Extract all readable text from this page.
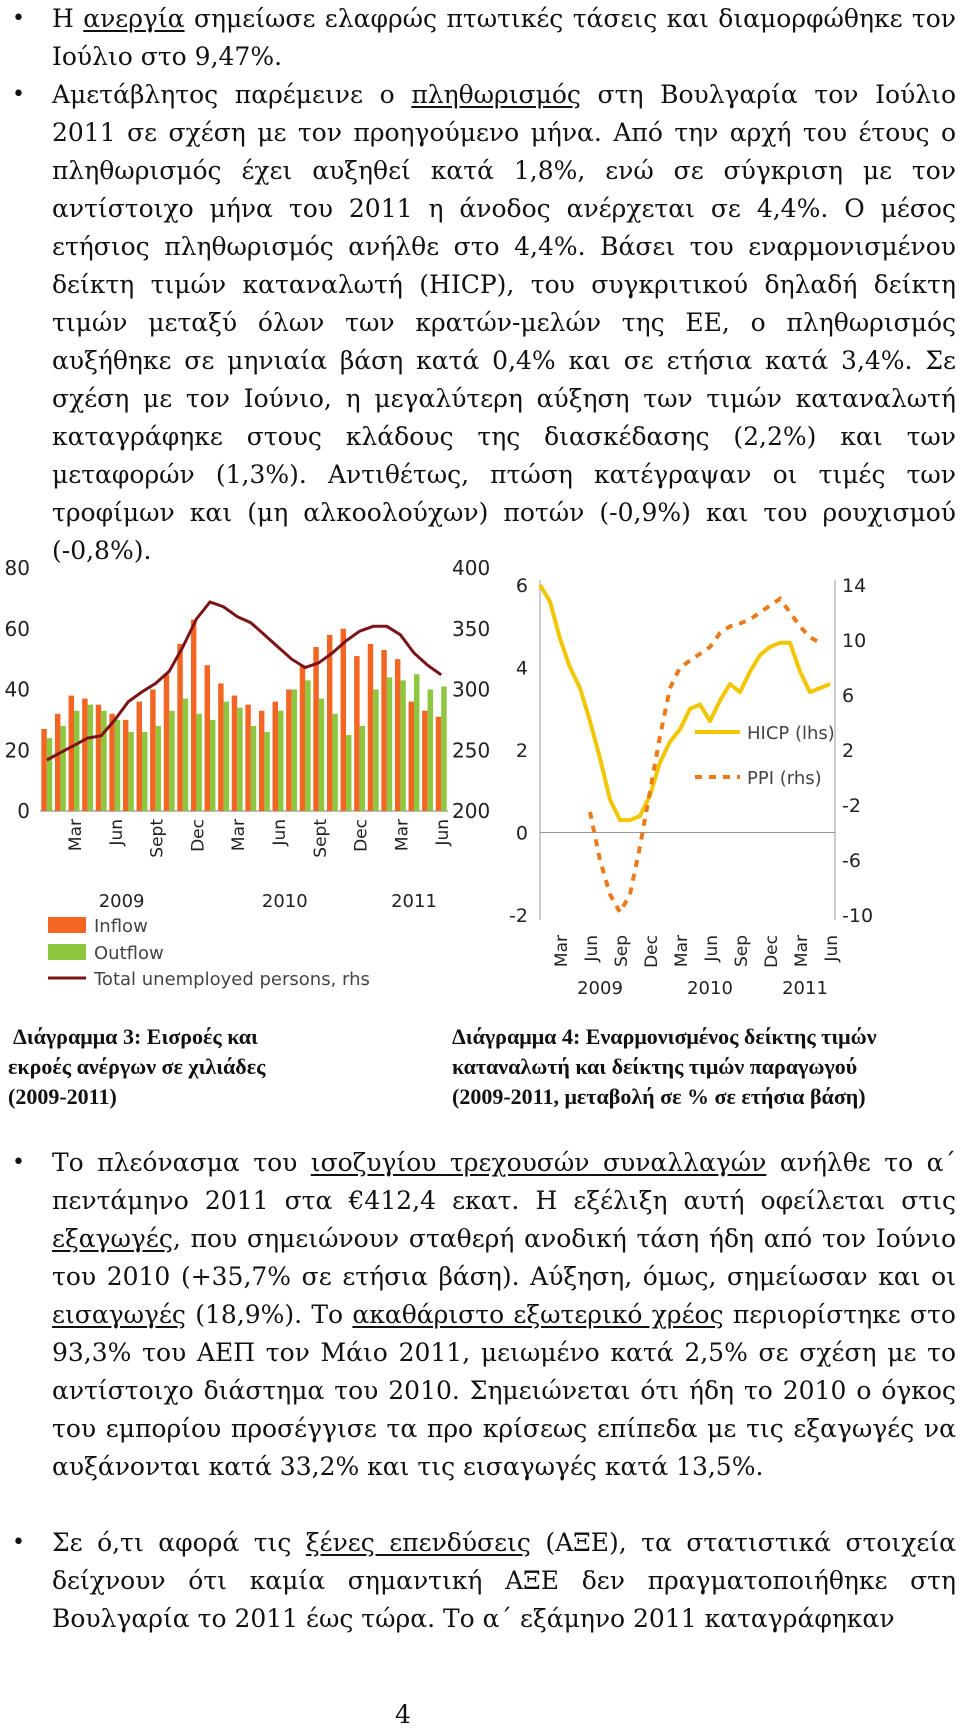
• Η ανεργία σημείωσε ελαφρώς πτωτικές τάσεις και διαμορφώθηκε τον Ιούλιο στο 9,47%.
• Αμετάβλητος παρέμεινε ο πληθωρισμός στη Βουλγαρία τον Ιούλιο 2011 σε σχέση με τον προηγούμενο μήνα. Από την αρχή του έτους ο πληθωρισμός έχει αυξηθεί κατά 1,8%, ενώ σε σύγκριση με τον αντίστοιχο μήνα του 2011 η άνοδος ανέρχεται σε 4,4%. Ο μέσος ετήσιος πληθωρισμός ανήλθε στο 4,4%. Βάσει του εναρμονισμένου δείκτη τιμών καταναλωτή (HICP), του συγκριτικού δηλαδή δείκτη τιμών μεταξύ όλων των κρατών-μελών της ΕΕ, ο πληθωρισμός αυξήθηκε σε μηνιαία βάση κατά 0,4% και σε ετήσια κατά 3,4%. Σε σχέση με τον Ιούνιο, η μεγαλύτερη αύξηση των τιμών καταναλωτή καταγράφηκε στους κλάδους της διασκέδασης (2,2%) και των μεταφορών (1,3%). Αντιθέτως, πτώση κατέγραψαν οι τιμές των τροφίμων και (μη αλκοολούχων) ποτών (-0,9%) και του ρουχισμού (-0,8%).
80
60
40
20
0
400
350
300
250
200
Mar Jun Sept Dec Mar Jun Sept Dec Mar Jun
2009	2010	2011
Inflow
Outflow
Total unemployed persons, rhs
6
4
2
0
-2
14
10
6
2
-2
-6
-10
Mar Jun Sep Dec Mar Jun Sep Dec Mar Jun
2009	2010	2011
HICP (lhs)
PPI (rhs)
Διάγραμμα 3: Εισροές και
εκροές ανέργων σε χιλιάδες
(2009-2011)
Διάγραμμα 4: Εναρμονισμένος δείκτης τιμών
καταναλωτή και δείκτης τιμών παραγωγού
(2009-2011, μεταβολή σε % σε ετήσια βάση)
• Το πλεόνασμα του ισοζυγίου τρεχουσών συναλλαγών ανήλθε το α΄ πεντάμηνο 2011 στα €412,4 εκατ. Η εξέλιξη αυτή οφείλεται στις εξαγωγές, που σημειώνουν σταθερή ανοδική τάση ήδη από τον Ιούνιο του 2010 (+35,7% σε ετήσια βάση). Αύξηση, όμως, σημείωσαν και οι εισαγωγές (18,9%). Το ακαθάριστο εξωτερικό χρέος περιορίστηκε στο 93,3% του ΑΕΠ τον Μάιο 2011, μειωμένο κατά 2,5% σε σχέση με το αντίστοιχο διάστημα του 2010. Σημειώνεται ότι ήδη το 2010 ο όγκος του εμπορίου προσέγγισε τα προ κρίσεως επίπεδα με τις εξαγωγές να αυξάνονται κατά 33,2% και τις εισαγωγές κατά 13,5%.
• Σε ό,τι αφορά τις ξένες επενδύσεις (ΑΞΕ), τα στατιστικά στοιχεία δείχνουν ότι καμία σημαντική ΑΞΕ δεν πραγματοποιήθηκε στη Βουλγαρία το 2011 έως τώρα. Το α΄ εξάμηνο 2011 καταγράφηκαν
4
